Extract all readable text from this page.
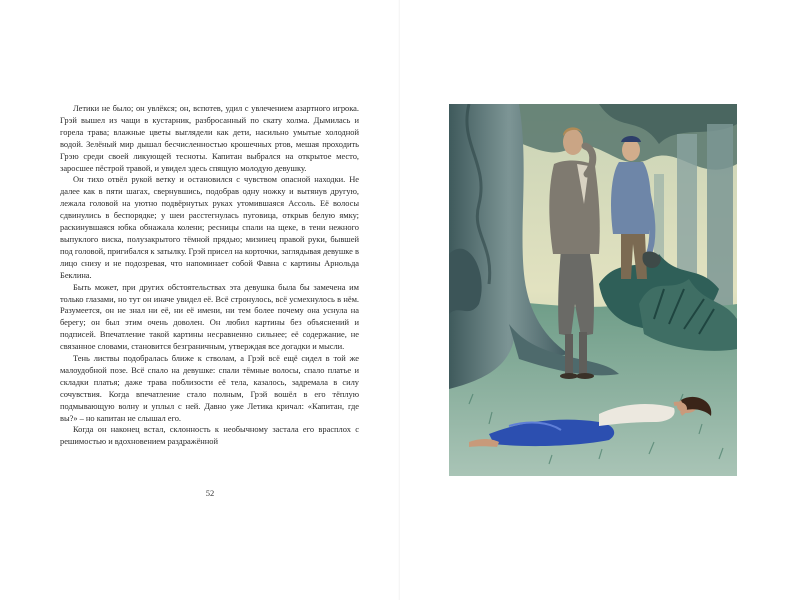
Летики не было; он увлёкся; он, вспотев, удил с увлечением азартного игрока. Грэй вышел из чащи в кустарник, разбросанный по скату холма. Дымилась и горела трава; влажные цветы выглядели как дети, насильно умытые холодной водой. Зелёный мир дышал бесчисленностью крошечных ртов, мешая проходить Грэю среди своей ликующей тесноты. Капитан выбрался на открытое место, заросшее пёстрой травой, и увидел здесь спящую молодую девушку.

Он тихо отвёл рукой ветку и остановился с чувством опасной находки. Не далее как в пяти шагах, свернувшись, подобрав одну ножку и вытянув другую, лежала головой на уютно подвёрнутых руках утомившаяся Ассоль. Её волосы сдвинулись в беспорядке; у шеи расстегнулась пуговица, открыв белую ямку; раскинувшаяся юбка обнажала колени; ресницы спали на щеке, в тени нежного выпуклого виска, полузакрытого тёмной прядью; мизинец правой руки, бывшей под головой, пригибался к затылку. Грэй присел на корточки, заглядывая девушке в лицо снизу и не подозревая, что напоминает собой Фавна с картины Арнольда Беклина.

Быть может, при других обстоятельствах эта девушка была бы замечена им только глазами, но тут он иначе увидел её. Всё стронулось, всё усмехнулось в нём. Разумеется, он не знал ни её, ни её имени, ни тем более почему она уснула на берегу; он был этим очень доволен. Он любил картины без объяснений и подписей. Впечатление такой картины несравненно сильнее; её содержание, не связанное словами, становится безграничным, утверждая все догадки и мысли.

Тень листвы подобралась ближе к стволам, а Грэй всё ещё сидел в той же малоудобной позе. Всё спало на девушке: спали тёмные волосы, спало платье и складки платья; даже трава поблизости её тела, казалось, задремала в силу сочувствия. Когда впечатление стало полным, Грэй вошёл в его тёплую подмывающую волну и уплыл с ней. Давно уже Летика кричал: «Капитан, где вы?» – но капитан не слышал его.

Когда он наконец встал, склонность к необычному застала его врасплох с решимостью и вдохновением раздражённой

52
